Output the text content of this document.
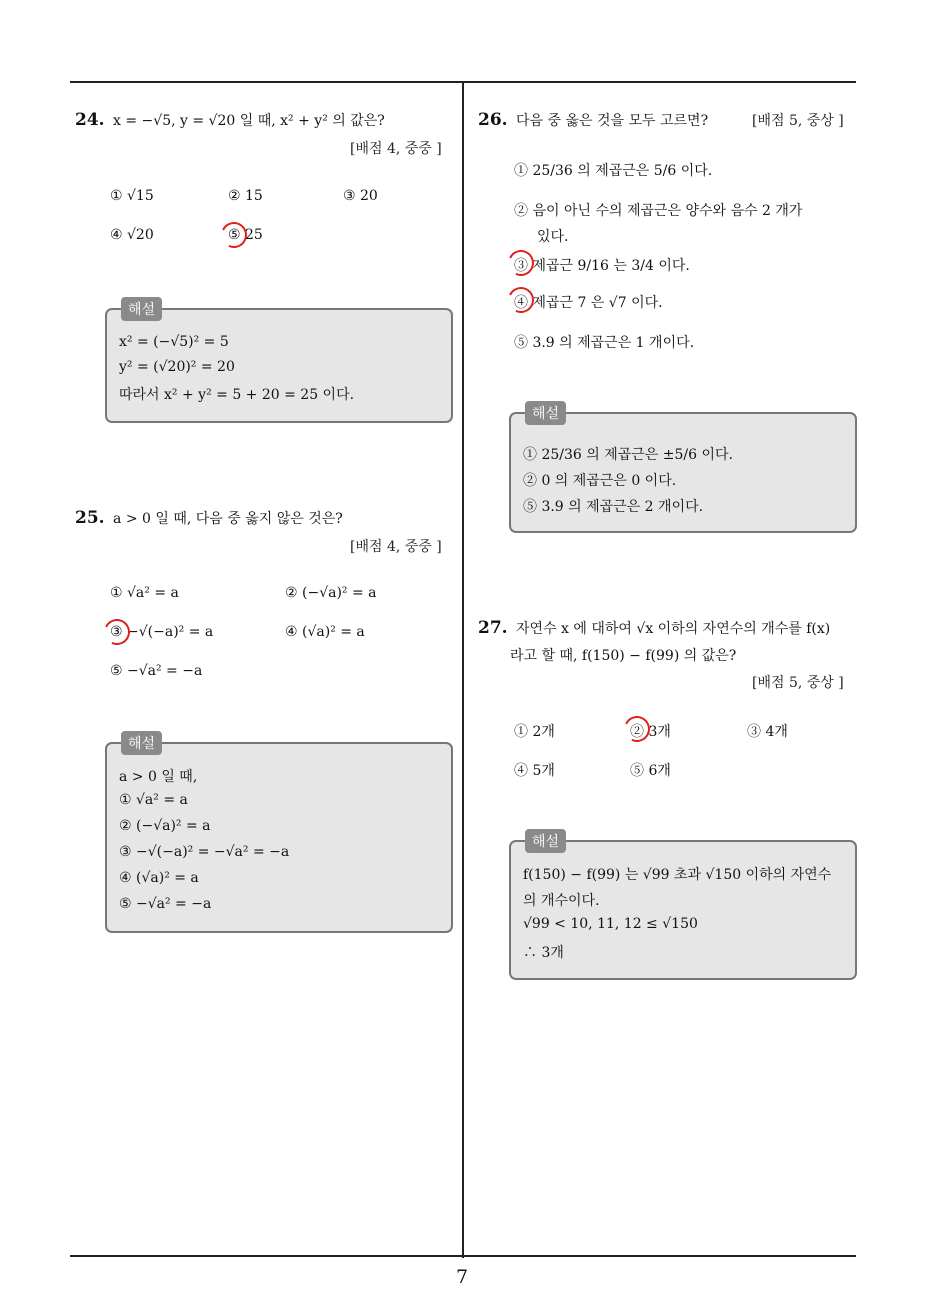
7
24. x = −√5, y = √20 일 때, x² + y² 의 값은?
[배점 4, 중중 ]
① √15	② 15	③ 20
④ √20	⑤ 25
해설
x² = (−√5)² = 5
y² = (√20)² = 20
따라서 x² + y² = 5 + 20 = 25 이다.
25. a > 0 일 때, 다음 중 옳지 않은 것은?
[배점 4, 중중 ]
① √a² = a	② (−√a)² = a
③ −√(−a)² = a	④ (√a)² = a
⑤ −√a² = −a
해설
a > 0 일 때,
① √a² = a
② (−√a)² = a
③ −√(−a)² = −√a² = −a
④ (√a)² = a
⑤ −√a² = −a
26. 다음 중 옳은 것을 모두 고르면?	[배점 5, 중상 ]
① 25/36 의 제곱근은 5/6 이다.
② 음이 아닌 수의 제곱근은 양수와 음수 2 개가
있다.
③ 제곱근 9/16 는 3/4 이다.
④ 제곱근 7 은 √7 이다.
⑤ 3.9 의 제곱근은 1 개이다.
해설
① 25/36 의 제곱근은 ±5/6 이다.
② 0 의 제곱근은 0 이다.
⑤ 3.9 의 제곱근은 2 개이다.
27. 자연수 x 에 대하여 √x 이하의 자연수의 개수를 f(x)
라고 할 때, f(150) − f(99) 의 값은?
[배점 5, 중상 ]
① 2개	② 3개	③ 4개
④ 5개	⑤ 6개
해설
f(150) − f(99) 는 √99 초과 √150 이하의 자연수
의 개수이다.
√99 < 10, 11, 12 ≤ √150
∴ 3개
